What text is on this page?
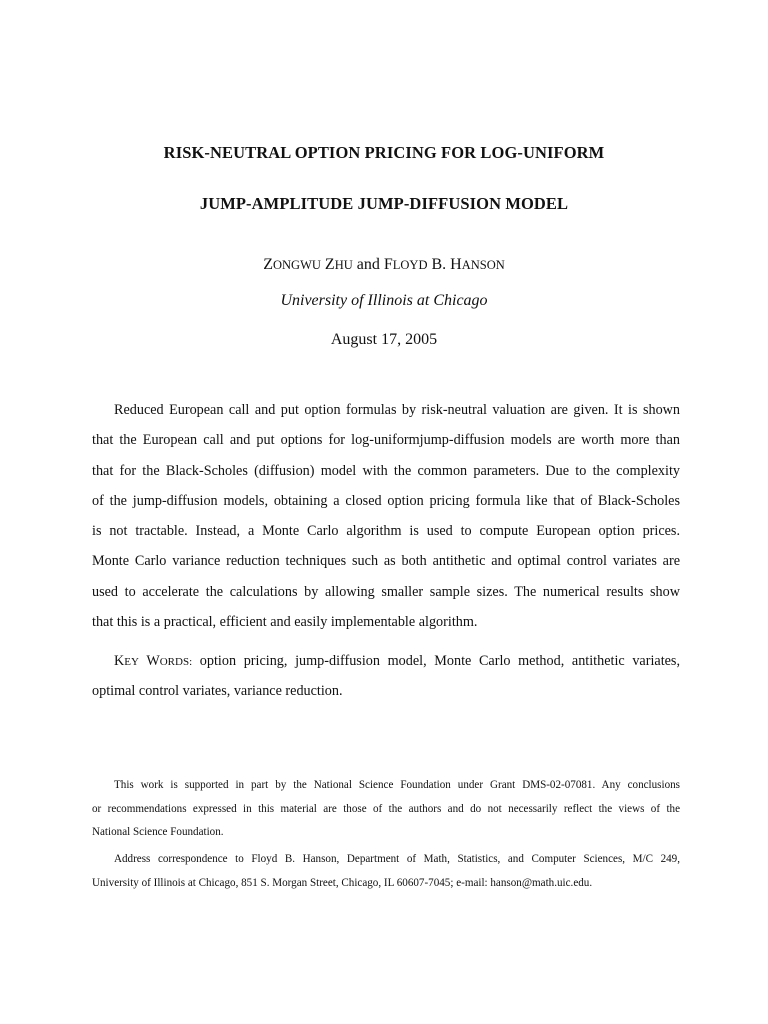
RISK-NEUTRAL OPTION PRICING FOR LOG-UNIFORM
JUMP-AMPLITUDE JUMP-DIFFUSION MODEL
ZONGWU ZHU and FLOYD B. HANSON
University of Illinois at Chicago
August 17, 2005
Reduced European call and put option formulas by risk-neutral valuation are given. It is shown
that the European call and put options for log-uniformjump-diffusion models are worth more than
that for the Black-Scholes (diffusion) model with the common parameters. Due to the complexity
of the jump-diffusion models, obtaining a closed option pricing formula like that of Black-Scholes
is not tractable. Instead, a Monte Carlo algorithm is used to compute European option prices.
Monte Carlo variance reduction techniques such as both antithetic and optimal control variates are
used to accelerate the calculations by allowing smaller sample sizes. The numerical results show
that this is a practical, efficient and easily implementable algorithm.
KEY WORDS: option pricing, jump-diffusion model, Monte Carlo method, antithetic variates,
optimal control variates, variance reduction.
This work is supported in part by the National Science Foundation under Grant DMS-02-07081. Any conclusions
or recommendations expressed in this material are those of the authors and do not necessarily reflect the views of the
National Science Foundation.
Address correspondence to Floyd B. Hanson, Department of Math, Statistics, and Computer Sciences, M/C 249,
University of Illinois at Chicago, 851 S. Morgan Street, Chicago, IL 60607-7045; e-mail: hanson@math.uic.edu.
